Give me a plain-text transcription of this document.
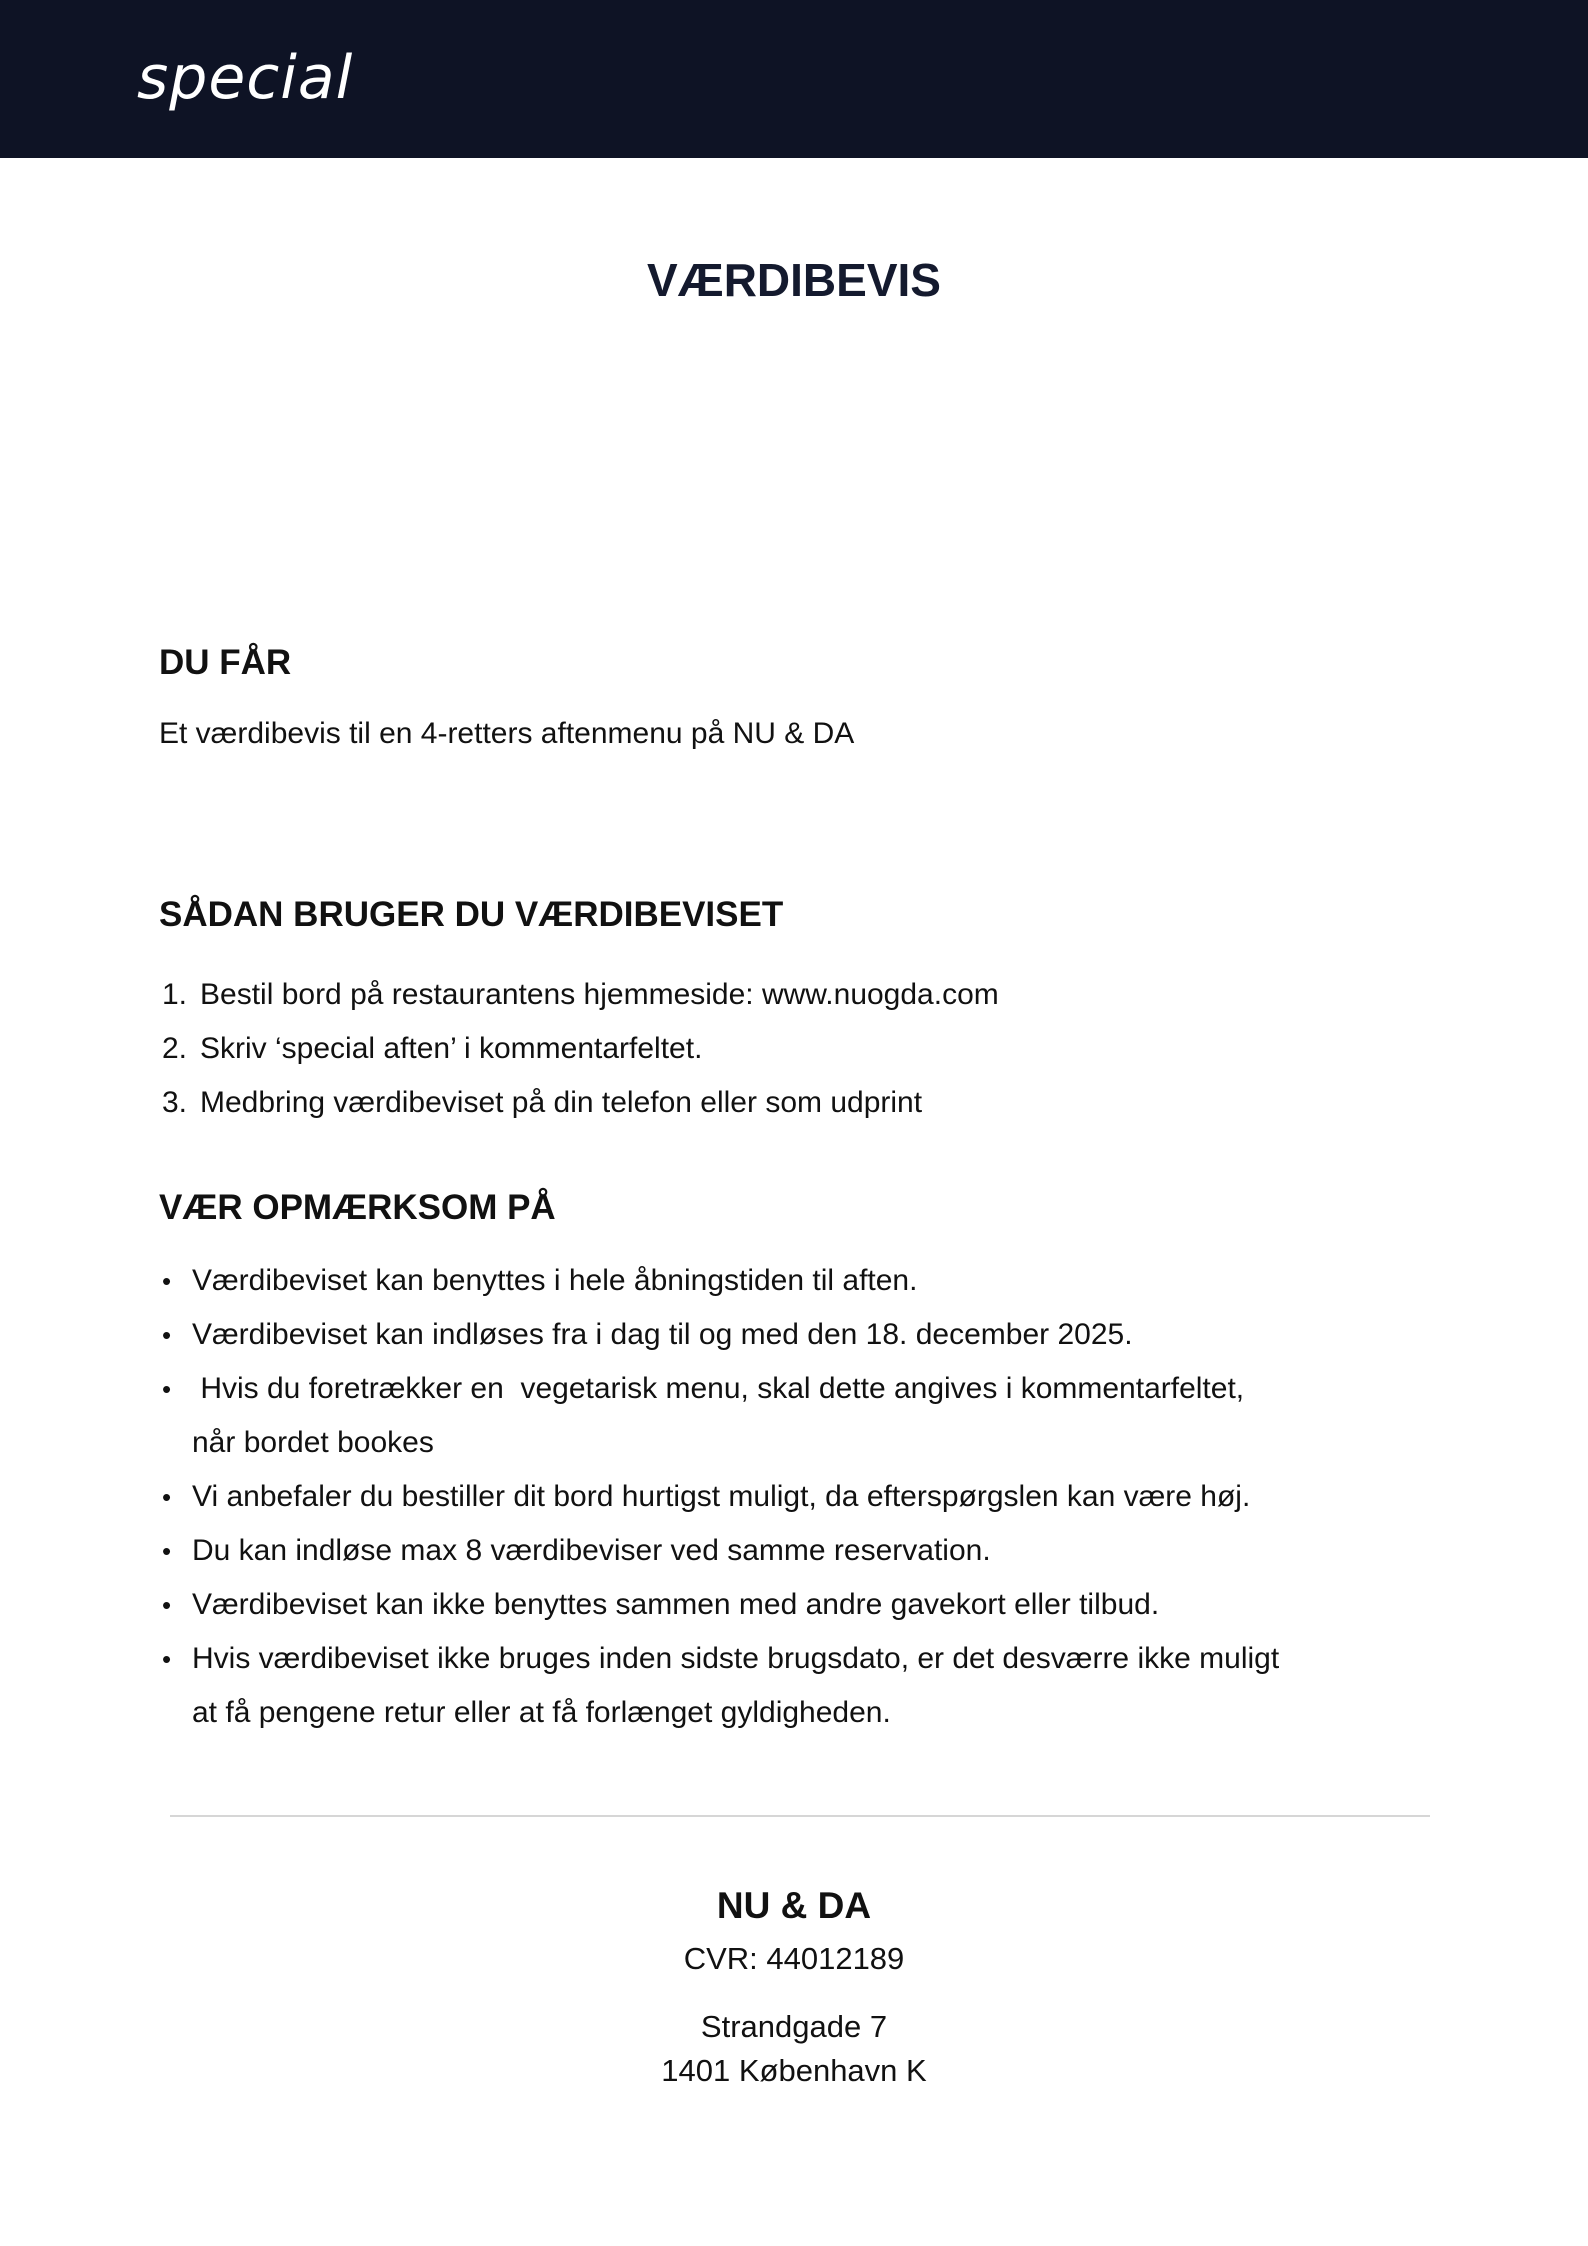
special
VÆRDIBEVIS
DU FÅR

Et værdibevis til en 4-retters aftenmenu på NU & DA

SÅDAN BRUGER DU VÆRDIBEVISET
1. Bestil bord på restaurantens hjemmeside: www.nuogda.com
2. Skriv ‘special aften’ i kommentarfeltet.
3. Medbring værdibeviset på din telefon eller som udprint
VÆR OPMÆRKSOM PÅ
• Værdibeviset kan benyttes i hele åbningstiden til aften.
• Værdibeviset kan indløses fra i dag til og med den 18. december 2025.
• Hvis du foretrækker en  vegetarisk menu, skal dette angives i kommentarfeltet,
når bordet bookes
• Vi anbefaler du bestiller dit bord hurtigst muligt, da efterspørgslen kan være høj.
• Du kan indløse max 8 værdibeviser ved samme reservation.
• Værdibeviset kan ikke benyttes sammen med andre gavekort eller tilbud.
• Hvis værdibeviset ikke bruges inden sidste brugsdato, er det desværre ikke muligt
at få pengene retur eller at få forlænget gyldigheden.

NU & DA

CVR: 44012189

Strandgade 7

1401 København K
